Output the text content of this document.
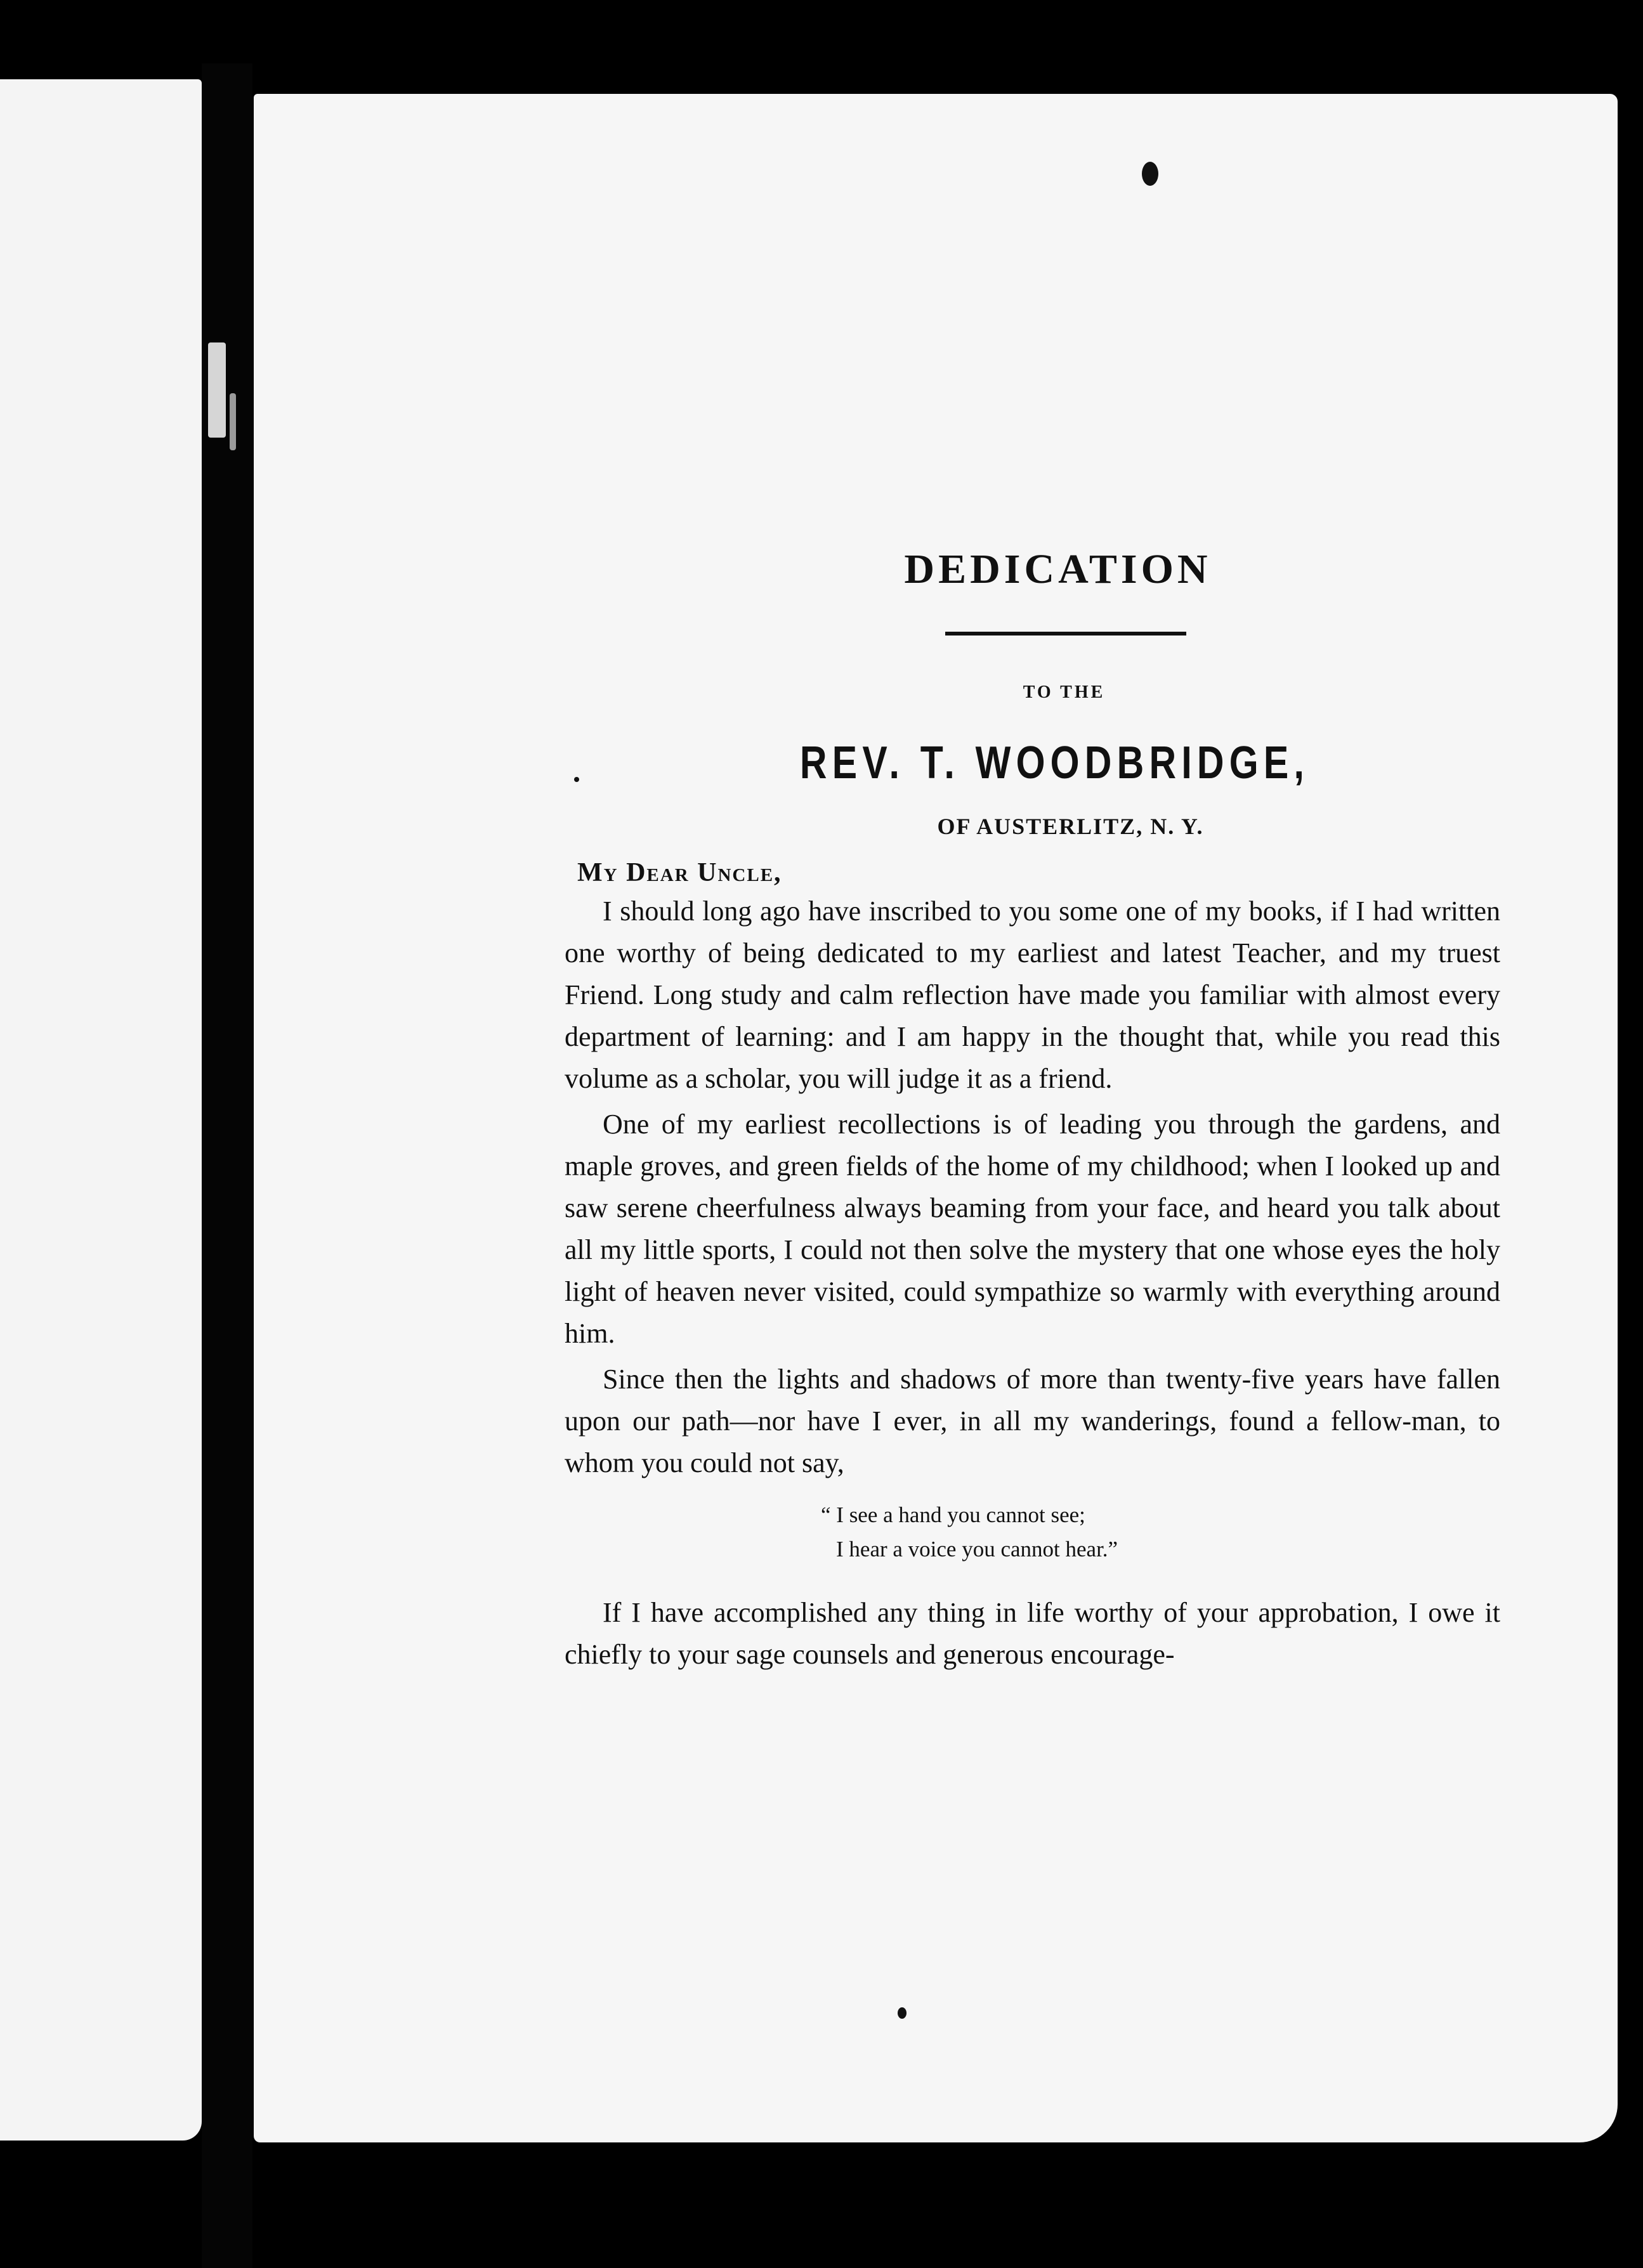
DEDICATION
TO THE
REV. T. WOODBRIDGE,
OF AUSTERLITZ, N. Y.
My Dear Uncle,

I should long ago have inscribed to you some one of my books, if I had written one worthy of being dedicated to my earliest and latest Teacher, and my truest Friend. Long study and calm reflection have made you familiar with almost every department of learning: and I am happy in the thought that, while you read this volume as a scholar, you will judge it as a friend.

One of my earliest recollections is of leading you through the gardens, and maple groves, and green fields of the home of my childhood; when I looked up and saw serene cheerfulness always beaming from your face, and heard you talk about all my little sports, I could not then solve the mystery that one whose eyes the holy light of heaven never visited, could sympathize so warmly with everything around him.

Since then the lights and shadows of more than twenty-five years have fallen upon our path—nor have I ever, in all my wanderings, found a fellow-man, to whom you could not say,

“ I see a hand you cannot see;
I hear a voice you cannot hear.”

If I have accomplished any thing in life worthy of your approbation, I owe it chiefly to your sage counsels and generous encourage-
